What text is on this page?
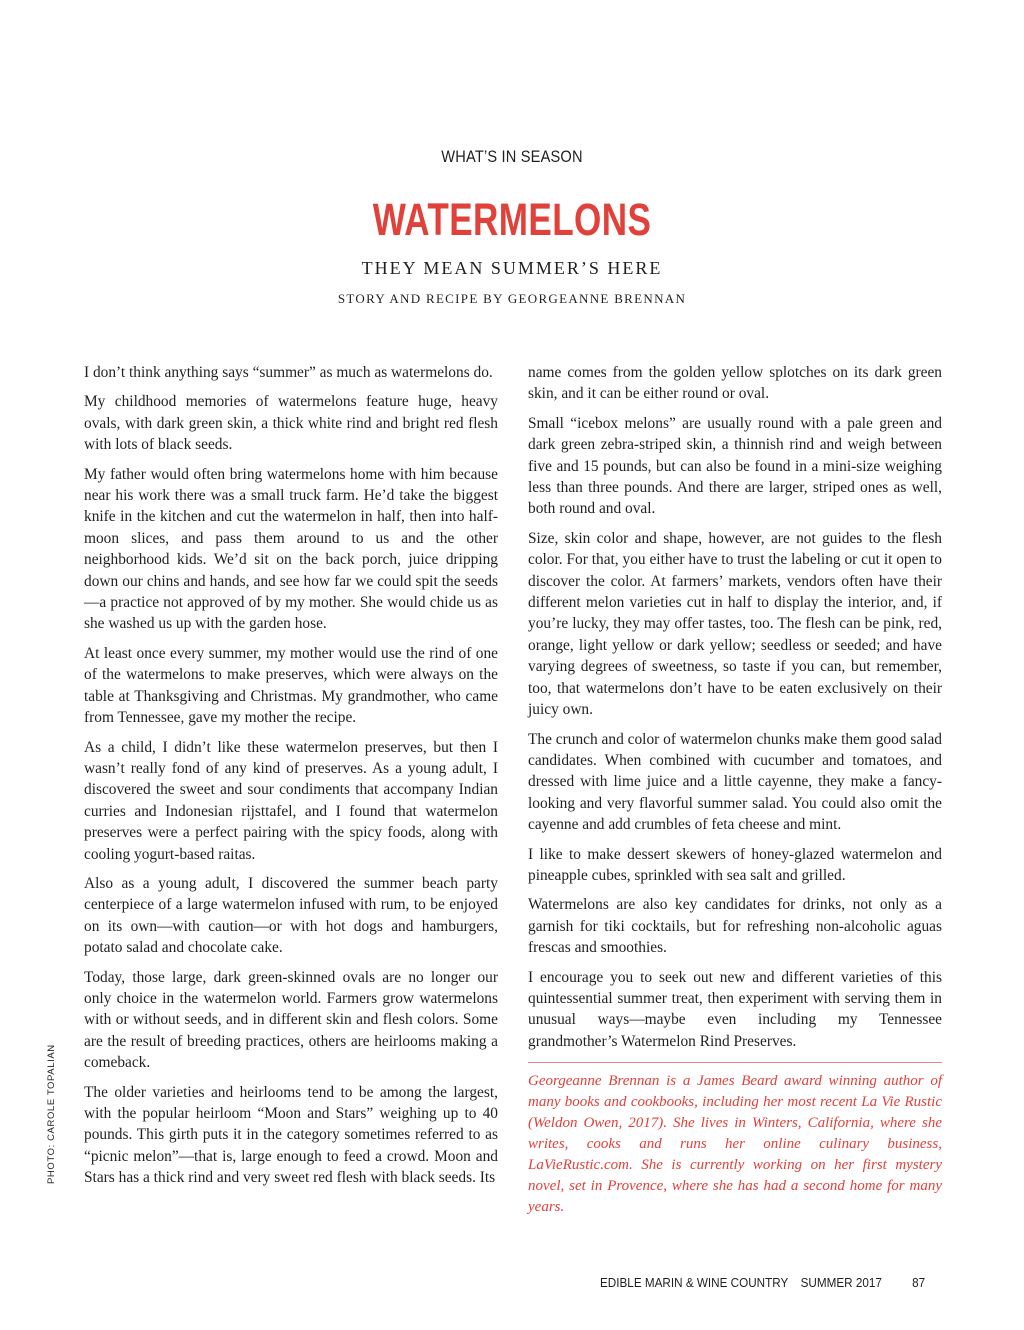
WHAT’S IN SEASON
WATERMELONS
THEY MEAN SUMMER’S HERE
STORY AND RECIPE BY GEORGEANNE BRENNAN
PHOTO: CAROLE TOPALIAN

I don’t think anything says “summer” as much as watermelons do.

My childhood memories of watermelons feature huge, heavy ovals, with dark green skin, a thick white rind and bright red flesh with lots of black seeds.

My father would often bring watermelons home with him because near his work there was a small truck farm. He’d take the biggest knife in the kitchen and cut the watermelon in half, then into half-moon slices, and pass them around to us and the other neighborhood kids. We’d sit on the back porch, juice dripping down our chins and hands, and see how far we could spit the seeds—a practice not approved of by my mother. She would chide us as she washed us up with the garden hose.

At least once every summer, my mother would use the rind of one of the watermelons to make preserves, which were always on the table at Thanksgiving and Christmas. My grandmother, who came from Tennessee, gave my mother the recipe.

As a child, I didn’t like these watermelon preserves, but then I wasn’t really fond of any kind of preserves. As a young adult, I discovered the sweet and sour condiments that accompany Indian curries and Indonesian rijsttafel, and I found that watermelon preserves were a perfect pairing with the spicy foods, along with cooling yogurt-based raitas.

Also as a young adult, I discovered the summer beach party centerpiece of a large watermelon infused with rum, to be enjoyed on its own—with caution—or with hot dogs and hamburgers, potato salad and chocolate cake.

Today, those large, dark green-skinned ovals are no longer our only choice in the watermelon world. Farmers grow watermelons with or without seeds, and in different skin and flesh colors. Some are the result of breeding practices, others are heirlooms making a comeback.

The older varieties and heirlooms tend to be among the largest, with the popular heirloom “Moon and Stars” weighing up to 40 pounds. This girth puts it in the category sometimes referred to as “picnic melon”—that is, large enough to feed a crowd. Moon and Stars has a thick rind and very sweet red flesh with black seeds. Its

name comes from the golden yellow splotches on its dark green skin, and it can be either round or oval.

Small “icebox melons” are usually round with a pale green and dark green zebra-striped skin, a thinnish rind and weigh between five and 15 pounds, but can also be found in a mini-size weighing less than three pounds. And there are larger, striped ones as well, both round and oval.

Size, skin color and shape, however, are not guides to the flesh color. For that, you either have to trust the labeling or cut it open to discover the color. At farmers’ markets, vendors often have their different melon varieties cut in half to display the interior, and, if you’re lucky, they may offer tastes, too. The flesh can be pink, red, orange, light yellow or dark yellow; seedless or seeded; and have varying degrees of sweetness, so taste if you can, but remember, too, that watermelons don’t have to be eaten exclusively on their juicy own.

The crunch and color of watermelon chunks make them good salad candidates. When combined with cucumber and tomatoes, and dressed with lime juice and a little cayenne, they make a fancy-looking and very flavorful summer salad. You could also omit the cayenne and add crumbles of feta cheese and mint.

I like to make dessert skewers of honey-glazed watermelon and pineapple cubes, sprinkled with sea salt and grilled.

Watermelons are also key candidates for drinks, not only as a garnish for tiki cocktails, but for refreshing non-alcoholic aguas frescas and smoothies.

I encourage you to seek out new and different varieties of this quintessential summer treat, then experiment with serving them in unusual ways—maybe even including my Tennessee grandmother’s Watermelon Rind Preserves.

Georgeanne Brennan is a James Beard award winning author of many books and cookbooks, including her most recent La Vie Rustic (Weldon Owen, 2017). She lives in Winters, California, where she writes, cooks and runs her online culinary business, LaVieRustic.com. She is currently working on her first mystery novel, set in Provence, where she has had a second home for many years.

EDIBLE MARIN & WINE COUNTRY SUMMER 2017 87
